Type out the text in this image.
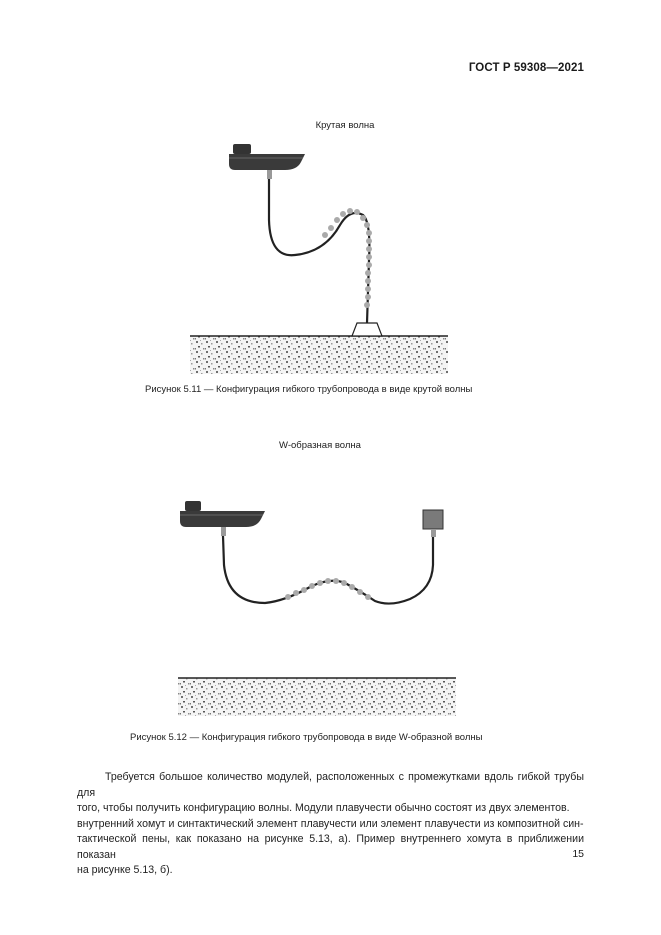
ГОСТ Р 59308—2021
Крутая волна
Рисунок 5.11 — Конфигурация гибкого трубопровода в виде крутой волны
W-образная волна
Рисунок 5.12 — Конфигурация гибкого трубопровода в виде W-образной волны

Требуется большое количество модулей, расположенных с промежутками вдоль гибкой трубы для

того, чтобы получить конфигурацию волны. Модули плавучести обычно состоят из двух элементов.

внутренний хомут и синтактический элемент плавучести или элемент плавучести из композитной син-

тактической пены, как показано на рисунке 5.13, а). Пример внутреннего хомута в приближении показан

на рисунке 5.13, б).

15
